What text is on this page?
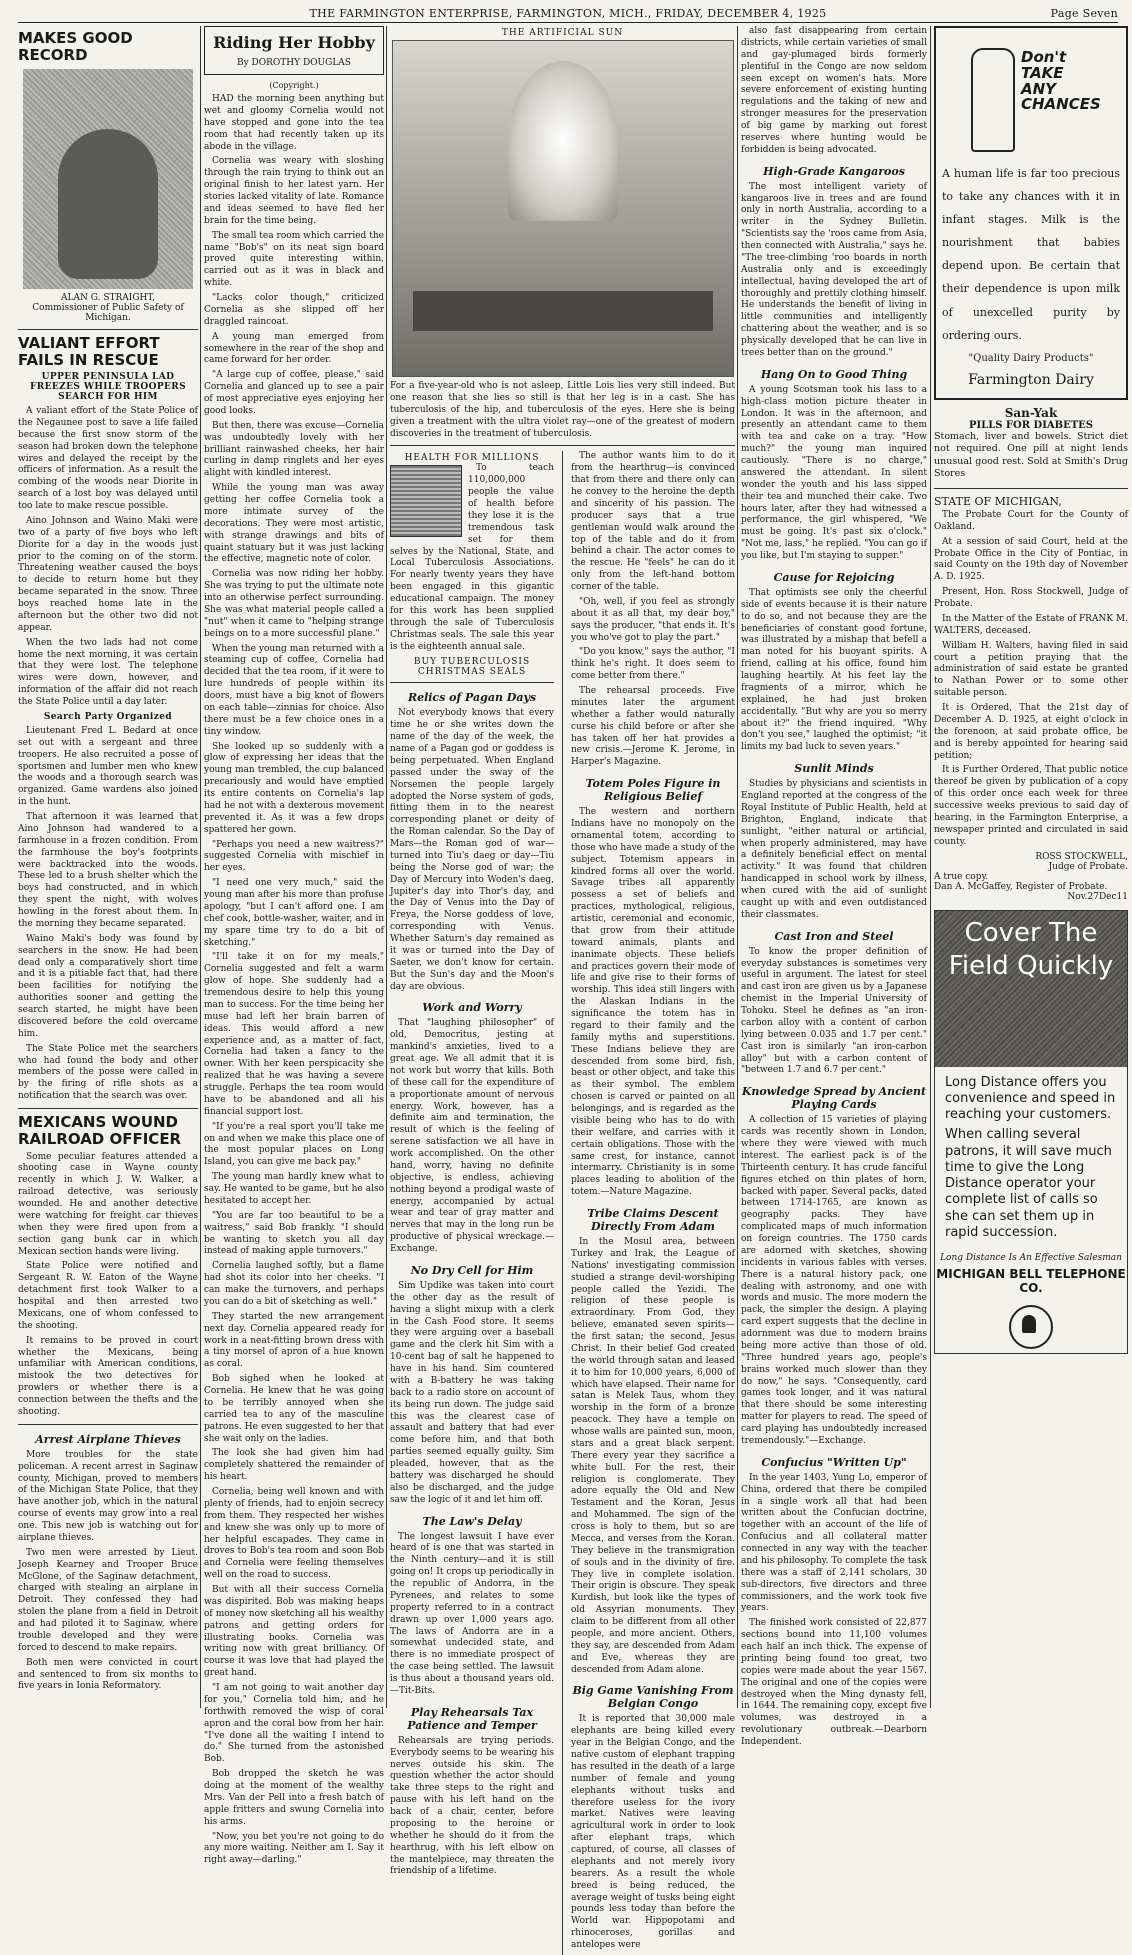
THE FARMINGTON ENTERPRISE, FARMINGTON, MICH., FRIDAY, DECEMBER 4, 1925	Page Seven
MAKES GOOD RECORD
ALAN G. STRAIGHT,
Commissioner of Public Safety of Michigan.
VALIANT EFFORT FAILS IN RESCUE
UPPER PENINSULA LAD FREEZES WHILE TROOPERS SEARCH FOR HIM

A valiant effort of the State Police of the Negaunee post to save a life failed because the first snow storm of the season had broken down the telephone wires and delayed the receipt by the officers of information. As a result the combing of the woods near Diorite in search of a lost boy was delayed until too late to make rescue possible.

Aino Johnson and Waino Maki were two of a party of five boys who left Diorite for a day in the woods just prior to the coming on of the storm. Threatening weather caused the boys to decide to return home but they became separated in the snow. Three boys reached home late in the afternoon but the other two did not appear.

When the two lads had not come home the next morning, it was certain that they were lost. The telephone wires were down, however, and information of the affair did not reach the State Police until a day later.

Search Party Organized

Lieutenant Fred L. Bedard at once set out with a sergeant and three troopers. He also recruited a posse of sportsmen and lumber men who knew the woods and a thorough search was organized. Game wardens also joined in the hunt.

That afternoon it was learned that Aino Johnson had wandered to a farmhouse in a frozen condition. From the farmhouse the boy's footprints were backtracked into the woods. These led to a brush shelter which the boys had constructed, and in which they spent the night, with wolves howling in the forest about them. In the morning they became separated.

Waino Maki's body was found by searchers in the snow. He had been dead only a comparatively short time and it is a pitiable fact that, had there been facilities for notifying the authorities sooner and getting the search started, he might have been discovered before the cold overcame him.

The State Police met the searchers who had found the body and other members of the posse were called in by the firing of rifle shots as a notification that the search was over.

MEXICANS WOUND RAILROAD OFFICER

Some peculiar features attended a shooting case in Wayne county recently in which J. W. Walker, a railroad detective, was seriously wounded. He and another detective were watching for freight car thieves when they were fired upon from a section gang bunk car in which Mexican section hands were living.

State Police were notified and Sergeant R. W. Eaton of the Wayne detachment first took Walker to a hospital and then arrested two Mexicans, one of whom confessed to the shooting.

It remains to be proved in court whether the Mexicans, being unfamiliar with American conditions, mistook the two detectives for prowlers or whether there is a connection between the thefts and the shooting.

Arrest Airplane Thieves

More troubles for the state policeman. A recent arrest in Saginaw county, Michigan, proved to members of the Michigan State Police, that they have another job, which in the natural course of events may grow into a real one. This new job is watching out for airplane thieves.

Two men were arrested by Lieut. Joseph Kearney and Trooper Bruce McGlone, of the Saginaw detachment, charged with stealing an airplane in Detroit. They confessed they had stolen the plane from a field in Detroit and had piloted it to Saginaw, where trouble developed and they were forced to descend to make repairs.

Both men were convicted in court and sentenced to from six months to five years in Ionia Reformatory.

Riding Her Hobby
By DOROTHY DOUGLAS
(Copyright.)

HAD the morning been anything but wet and gloomy Cornelia would not have stopped and gone into the tea room that had recently taken up its abode in the village.

Cornelia was weary with sloshing through the rain trying to think out an original finish to her latest yarn. Her stories lacked vitality of late. Romance and ideas seemed to have fled her brain for the time being.

The small tea room which carried the name "Bob's" on its neat sign board proved quite interesting within, carried out as it was in black and white.

"Lacks color though," criticized Cornelia as she slipped off her draggled raincoat.

A young man emerged from somewhere in the rear of the shop and came forward for her order.

"A large cup of coffee, please," said Cornelia and glanced up to see a pair of most appreciative eyes enjoying her good looks.

But then, there was excuse—Cornelia was undoubtedly lovely with her brilliant rainwashed cheeks, her hair curling in damp ringlets and her eyes alight with kindled interest.

While the young man was away getting her coffee Cornelia took a more intimate survey of the decorations. They were most artistic, with strange drawings and bits of quaint statuary but it was just lacking the effective, magnetic note of color.

Cornelia was now riding her hobby. She was trying to put the ultimate note into an otherwise perfect surrounding. She was what material people called a "nut" when it came to "helping strange beings on to a more successful plane."

When the young man returned with a steaming cup of coffee, Cornelia had decided that the tea room, if it were to lure hundreds of people within its doors, must have a big knot of flowers on each table—zinnias for choice. Also there must be a few choice ones in a tiny window.

She looked up so suddenly with a glow of expressing her ideas that the young man trembled, the cup balanced precariously and would have emptied its entire contents on Cornelia's lap had he not with a dexterous movement prevented it. As it was a few drops spattered her gown.

"Perhaps you need a new waitress?" suggested Cornelia with mischief in her eyes.

"I need one very much," said the young man after his more than profuse apology, "but I can't afford one. I am chef cook, bottle-washer, waiter, and in my spare time try to do a bit of sketching."

"I'll take it on for my meals," Cornelia suggested and felt a warm glow of hope. She suddenly had a tremendous desire to help this young man to success. For the time being her muse had left her brain barren of ideas. This would afford a new experience and, as a matter of fact, Cornelia had taken a fancy to the owner. With her keen perspicacity she realized that he was having a severe struggle. Perhaps the tea room would have to be abandoned and all his financial support lost.

"If you're a real sport you'll take me on and when we make this place one of the most popular places on Long Island, you can give me back pay."

The young man hardly knew what to say. He wanted to be game, but he also hesitated to accept her.

"You are far too beautiful to be a waitress," said Bob frankly. "I should be wanting to sketch you all day instead of making apple turnovers."

Cornelia laughed softly, but a flame had shot its color into her cheeks. "I can make the turnovers, and perhaps you can do a bit of sketching as well."

They started the new arrangement next day. Cornelia appeared ready for work in a neat-fitting brown dress with a tiny morsel of apron of a hue known as coral.

Bob sighed when he looked at Cornelia. He knew that he was going to be terribly annoyed when she carried tea to any of the masculine patrons. He even suggested to her that she wait only on the ladies.

The look she had given him had completely shattered the remainder of his heart.

Cornelia, being well known and with plenty of friends, had to enjoin secrecy from them. They respected her wishes and knew she was only up to more of her helpful escapades. They came in droves to Bob's tea room and soon Bob and Cornelia were feeling themselves well on the road to success.

But with all their success Cornelia was dispirited. Bob was making heaps of money now sketching all his wealthy patrons and getting orders for illustrating books. Cornelia was writing now with great brilliancy. Of course it was love that had played the great hand.

"I am not going to wait another day for you," Cornelia told him, and he forthwith removed the wisp of coral apron and the coral bow from her hair. "I've done all the waiting I intend to do." She turned from the astonished Bob.

Bob dropped the sketch he was doing at the moment of the wealthy Mrs. Van der Pell into a fresh batch of apple fritters and swung Cornelia into his arms.

"Now, you bet you're not going to do any more waiting. Neither am I. Say it right away—darling."

THE ARTIFICIAL SUN

For a five-year-old who is not asleep, Little Lois lies very still indeed. But one reason that she lies so still is that her leg is in a cast. She has tuberculosis of the hip, and tuberculosis of the eyes. Here she is being given a treatment with the ultra violet ray—one of the greatest of modern discoveries in the treatment of tuberculosis.

HEALTH FOR MILLIONS

To teach 110,000,000 people the value of health before they lose it is the tremendous task set for them selves by the National, State, and Local Tuberculosis Associations. For nearly twenty years they have been engaged in this gigantic educational campaign. The money for this work has been supplied through the sale of Tuberculosis Christmas seals. The sale this year is the eighteenth annual sale.

BUY TUBERCULOSIS CHRISTMAS SEALS
Relics of Pagan Days

Not everybody knows that every time he or she writes down the name of the day of the week, the name of a Pagan god or goddess is being perpetuated. When England passed under the sway of the Norsemen the people largely adopted the Norse system of gods, fitting them in to the nearest corresponding planet or deity of the Roman calendar. So the Day of Mars—the Roman god of war—turned into Tiu's daeg or day—Tiu being the Norse god of war; the Day of Mercury into Woden's daeg, Jupiter's day into Thor's day, and the Day of Venus into the Day of Freya, the Norse goddess of love, corresponding with Venus. Whether Saturn's day remained as it was or turned into the Day of Saeter, we don't know for certain. But the Sun's day and the Moon's day are obvious.

Work and Worry

That "laughing philosopher" of old, Democritus, jesting at mankind's anxieties, lived to a great age. We all admit that it is not work but worry that kills. Both of these call for the expenditure of a proportionate amount of nervous energy. Work, however, has a definite aim and termination, the result of which is the feeling of serene satisfaction we all have in work accomplished. On the other hand, worry, having no definite objective, is endless, achieving nothing beyond a prodigal waste of energy, accompanied by actual wear and tear of gray matter and nerves that may in the long run be productive of physical wreckage.—Exchange.

No Dry Cell for Him

Sim Updike was taken into court the other day as the result of having a slight mixup with a clerk in the Cash Food store. It seems they were arguing over a baseball game and the clerk hit Sim with a 10-cent bag of salt he happened to have in his hand. Sim countered with a B-battery he was taking back to a radio store on account of its being run down. The judge said this was the clearest case of assault and battery that had ever come before him, and that both parties seemed equally guilty. Sim pleaded, however, that as the battery was discharged he should also be discharged, and the judge saw the logic of it and let him off.

The Law's Delay

The longest lawsuit I have ever heard of is one that was started in the Ninth century—and it is still going on! It crops up periodically in the republic of Andorra, in the Pyrenees, and relates to some property referred to in a contract drawn up over 1,000 years ago. The laws of Andorra are in a somewhat undecided state, and there is no immediate prospect of the case being settled. The lawsuit is thus about a thousand years old.—Tit-Bits.

Play Rehearsals Tax Patience and Temper

Rehearsals are trying periods. Everybody seems to be wearing his nerves outside his skin. The question whether the actor should take three steps to the right and pause with his left hand on the back of a chair, center, before proposing to the heroine or whether he should do it from the hearthrug, with his left elbow on the mantelpiece, may threaten the friendship of a lifetime.

The author wants him to do it from the hearthrug—is convinced that from there and there only can he convey to the heroine the depth and sincerity of his passion. The producer says that a true gentleman would walk around the top of the table and do it from behind a chair. The actor comes to the rescue. He "feels" he can do it only from the left-hand bottom corner of the table.

"Oh, well, if you feel as strongly about it as all that, my dear boy," says the producer, "that ends it. It's you who've got to play the part."

"Do you know," says the author, "I think he's right. It does seem to come better from there."

The rehearsal proceeds. Five minutes later the argument whether a father would naturally curse his child before or after she has taken off her hat provides a new crisis.—Jerome K. Jerome, in Harper's Magazine.

Totem Poles Figure in Religious Belief

The western and northern Indians have no monopoly on the ornamental totem, according to those who have made a study of the subject. Totemism appears in kindred forms all over the world. Savage tribes all apparently possess a set of beliefs and practices, mythological, religious, artistic, ceremonial and economic, that grow from their attitude toward animals, plants and inanimate objects. These beliefs and practices govern their mode of life and give rise to their forms of worship. This idea still lingers with the Alaskan Indians in the significance the totem has in regard to their family and the family myths and superstitions. These Indians believe they are descended from some bird, fish, beast or other object, and take this as their symbol. The emblem chosen is carved or painted on all belongings, and is regarded as the visible being who has to do with their welfare, and carries with it certain obligations. Those with the same crest, for instance, cannot intermarry. Christianity is in some places leading to abolition of the totem.—Nature Magazine.

Tribe Claims Descent Directly From Adam

In the Mosul area, between Turkey and Irak, the League of Nations' investigating commission studied a strange devil-worshiping people called the Yezidi. The religion of these people is extraordinary. From God, they believe, emanated seven spirits—the first satan; the second, Jesus Christ. In their belief God created the world through satan and leased it to him for 10,000 years, 6,000 of which have elapsed. Their name for satan is Melek Taus, whom they worship in the form of a bronze peacock. They have a temple on whose walls are painted sun, moon, stars and a great black serpent. There every year they sacrifice a white bull. For the rest, their religion is conglomerate. They adore equally the Old and New Testament and the Koran, Jesus and Mohammed. The sign of the cross is holy to them, but so are Mecca, and verses from the Koran. They believe in the transmigration of souls and in the divinity of fire. They live in complete isolation. Their origin is obscure. They speak Kurdish, but look like the types of old Assyrian monuments. They claim to be different from all other people, and more ancient. Others, they say, are descended from Adam and Eve, whereas they are descended from Adam alone.

Big Game Vanishing From Belgian Congo

It is reported that 30,000 male elephants are being killed every year in the Belgian Congo, and the native custom of elephant trapping has resulted in the death of a large number of female and young elephants without tusks and therefore useless for the ivory market. Natives were leaving agricultural work in order to look after elephant traps, which captured, of course, all classes of elephants and not merely ivory bearers. As a result the whole breed is being reduced, the average weight of tusks being eight pounds less today than before the World war. Hippopotami and rhinoceroses, gorillas and antelopes were

also fast disappearing from certain districts, while certain varieties of small and gay-plumaged birds formerly plentiful in the Congo are now seldom seen except on women's hats. More severe enforcement of existing hunting regulations and the taking of new and stronger measures for the preservation of big game by marking out forest reserves where hunting would be forbidden is being advocated.

High-Grade Kangaroos

The most intelligent variety of kangaroos live in trees and are found only in north Australia, according to a writer in the Sydney Bulletin. "Scientists say the 'roos came from Asia, then connected with Australia," says he. "The tree-climbing 'roo boards in north Australia only and is exceedingly intellectual, having developed the art of thoroughly and prettily clothing himself. He understands the benefit of living in little communities and intelligently chattering about the weather, and is so physically developed that he can live in trees better than on the ground."

Hang On to Good Thing

A young Scotsman took his lass to a high-class motion picture theater in London. It was in the afternoon, and presently an attendant came to them with tea and cake on a tray. "How much?" the young man inquired cautiously. "There is no charge," answered the attendant. In silent wonder the youth and his lass sipped their tea and munched their cake. Two hours later, after they had witnessed a performance, the girl whispered, "We must be going. It's past six o'clock." "Not me, lass," he replied. "You can go if you like, but I'm staying to supper."

Cause for Rejoicing

That optimists see only the cheerful side of events because it is their nature to do so, and not because they are the beneficiaries of constant good fortune, was illustrated by a mishap that befell a man noted for his buoyant spirits. A friend, calling at his office, found him laughing heartily. At his feet lay the fragments of a mirror, which he explained, he had just broken accidentally. "But why are you so merry about it?" the friend inquired. "Why don't you see," laughed the optimist; "it limits my bad luck to seven years."

Sunlit Minds

Studies by physicians and scientists in England reported at the congress of the Royal Institute of Public Health, held at Brighton, England, indicate that sunlight, "either natural or artificial, when properly administered, may have a definitely beneficial effect on mental activity." It was found that children handicapped in school work by illness, when cured with the aid of sunlight caught up with and even outdistanced their classmates.

Cast Iron and Steel

To know the proper definition of everyday substances is sometimes very useful in argument. The latest for steel and cast iron are given us by a Japanese chemist in the Imperial University of Tohoku. Steel he defines as "an iron-carbon alloy with a content of carbon lying between 0.035 and 1.7 per cent." Cast iron is similarly "an iron-carbon alloy" but with a carbon content of "between 1.7 and 6.7 per cent."

Knowledge Spread by Ancient Playing Cards

A collection of 15 varieties of playing cards was recently shown in London, where they were viewed with much interest. The earliest pack is of the Thirteenth century. It has crude fanciful figures etched on thin plates of horn, backed with paper. Several packs, dated between 1714-1765, are known as geography packs. They have complicated maps of much information on foreign countries. The 1750 cards are adorned with sketches, showing incidents in various fables with verses. There is a natural history pack, one dealing with astronomy, and one with words and music. The more modern the pack, the simpler the design. A playing card expert suggests that the decline in adornment was due to modern brains being more active than those of old. "Three hundred years ago, people's brains worked much slower than they do now," he says. "Consequently, card games took longer, and it was natural that there should be some interesting matter for players to read. The speed of card playing has undoubtedly increased tremendously."—Exchange.

Confucius "Written Up"

In the year 1403, Yung Lo, emperor of China, ordered that there be compiled in a single work all that had been written about the Confucian doctrine, together with an account of the life of Confucius and all collateral matter connected in any way with the teacher and his philosophy. To complete the task there was a staff of 2,141 scholars, 30 sub-directors, five directors and three commissioners, and the work took five years.

The finished work consisted of 22,877 sections bound into 11,100 volumes each half an inch thick. The expense of printing being found too great, two copies were made about the year 1567. The original and one of the copies were destroyed when the Ming dynasty fell, in 1644. The remaining copy, except five volumes, was destroyed in a revolutionary outbreak.—Dearborn Independent.

Don't
TAKE
ANY
CHANCES
A human life is far too precious to take any chances with it in infant stages. Milk is the nourishment that babies depend upon. Be certain that their dependence is upon milk of unexcelled purity by ordering ours.
"Quality Dairy Products"
Farmington Dairy
San-Yak
PILLS FOR DIABETES

Stomach, liver and bowels. Strict diet not required. One pill at night lends unusual good rest. Sold at Smith's Drug Stores

STATE OF MICHIGAN,

The Probate Court for the County of Oakland.

At a session of said Court, held at the Probate Office in the City of Pontiac, in said County on the 19th day of November A. D. 1925.

Present, Hon. Ross Stockwell, Judge of Probate.

In the Matter of the Estate of FRANK M. WALTERS, deceased.

William H. Walters, having filed in said court a petition praying that the administration of said estate be granted to Nathan Power or to some other suitable person.

It is Ordered, That the 21st day of December A. D. 1925, at eight o'clock in the forenoon, at said probate office, be and is hereby appointed for hearing said petition;

It is Further Ordered, That public notice thereof be given by publication of a copy of this order once each week for three successive weeks previous to said day of hearing, in the Farmington Enterprise, a newspaper printed and circulated in said county.

ROSS STOCKWELL,
Judge of Probate.
A true copy.
Dan A. McGaffey, Register of Probate.
Nov.27Dec11
Cover The Field Quickly
Long Distance offers you convenience and speed in reaching your customers.
When calling several patrons, it will save much time to give the Long Distance operator your complete list of calls so she can set them up in rapid succession.
Long Distance Is An Effective Salesman
MICHIGAN BELL TELEPHONE CO.
